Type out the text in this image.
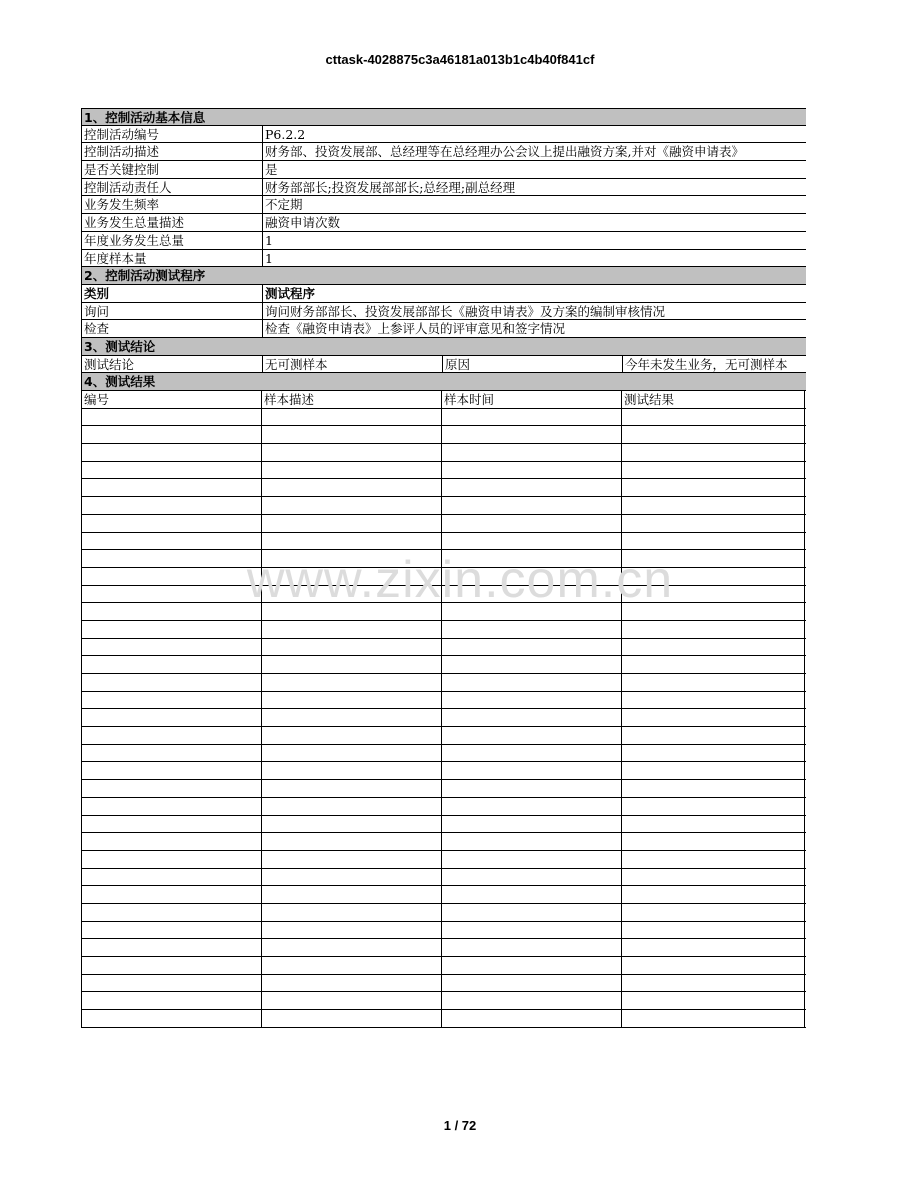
cttask-4028875c3a46181a013b1c4b40f841cf
1、控制活动基本信息
控制活动编号	P6.2.2
控制活动描述	财务部、投资发展部、总经理等在总经理办公会议上提出融资方案,并对《融资申请表》
是否关键控制	是
控制活动责任人	财务部部长;投资发展部部长;总经理;副总经理
业务发生频率	不定期
业务发生总量描述	融资申请次数
年度业务发生总量	1
年度样本量	1
2、控制活动测试程序
类别	测试程序
询问	询问财务部部长、投资发展部部长《融资申请表》及方案的编制审核情况
检查	检查《融资申请表》上参评人员的评审意见和签字情况
3、测试结论
测试结论	无可测样本	原因	今年未发生业务，无可测样本
4、测试结果
编号	样本描述	样本时间	测试结果
www.zixin.com.cn
1 / 72
